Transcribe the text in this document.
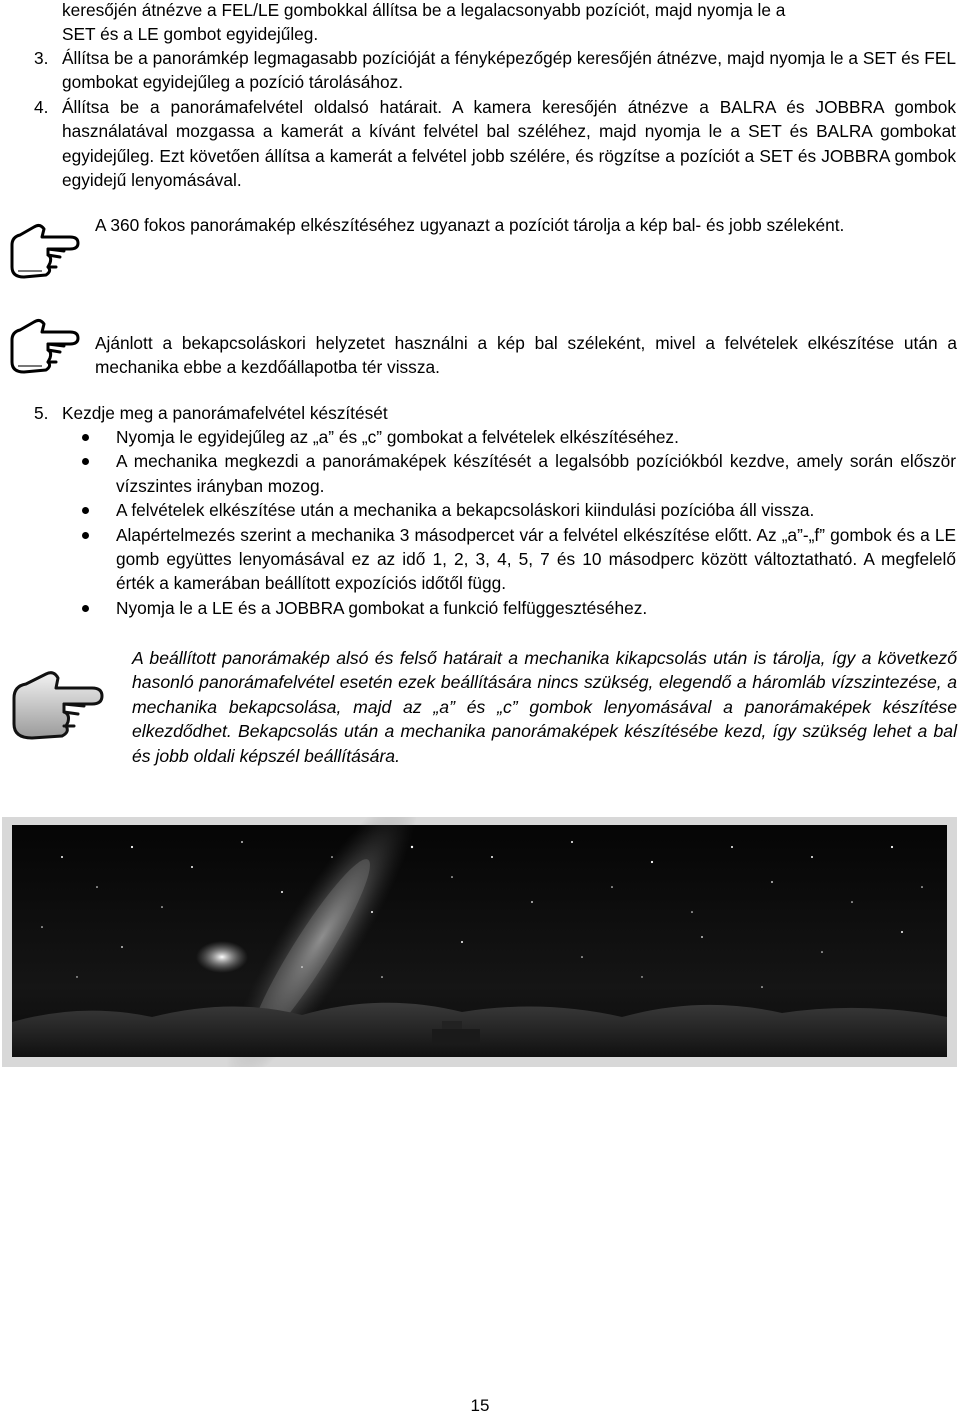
keresőjén átnézve a FEL/LE gombokkal állítsa be a legalacsonyabb pozíciót, majd nyomja le a
SET és a LE gombot egyidejűleg.
3. Állítsa be a panorámkép legmagasabb pozícióját a fényképezőgép keresőjén átnézve, majd nyomja le a SET és FEL gombokat egyidejűleg a pozíció tárolásához.
4. Állítsa be a panorámafelvétel oldalsó határait. A kamera keresőjén átnézve a BALRA és JOBBRA gombok használatával mozgassa a kamerát a kívánt felvétel bal széléhez, majd nyomja le a SET és BALRA gombokat egyidejűleg. Ezt követően állítsa a kamerát a felvétel jobb szélére, és rögzítse a pozíciót a SET és JOBBRA gombok egyidejű lenyomásával.
A 360 fokos panorámakép elkészítéséhez ugyanazt a pozíciót tárolja a kép bal- és jobb széleként.
Ajánlott a bekapcsoláskori helyzetet használni a kép bal széleként, mivel a felvételek elkészítése után a mechanika ebbe a kezdőállapotba tér vissza.
5. Kezdje meg a panorámafelvétel készítését
Nyomja le egyidejűleg az „a” és „c” gombokat a felvételek elkészítéséhez.
A mechanika megkezdi a panorámaképek készítését a legalsóbb pozíciókból kezdve, amely során először vízszintes irányban mozog.
A felvételek elkészítése után a mechanika a bekapcsoláskori kiindulási pozícióba áll vissza.
Alapértelmezés szerint a mechanika 3 másodpercet vár a felvétel elkészítése előtt. Az „a”-„f” gombok és a LE gomb együttes lenyomásával ez az idő 1, 2, 3, 4, 5, 7 és 10 másodperc között változtatható. A megfelelő érték a kamerában beállított expozíciós időtől függ.
Nyomja le a LE és a JOBBRA gombokat a funkció felfüggesztéséhez.
A beállított panorámakép alsó és felső határait a mechanika kikapcsolás után is tárolja, így a következő hasonló panorámafelvétel esetén ezek beállítására nincs szükség, elegendő a háromláb vízszintezése, a mechanika bekapcsolása, majd az „a” és „c” gombok lenyomásával a panorámaképek készítése elkezdődhet. Bekapcsolás után a mechanika panorámaképek készítésébe kezd, így szükség lehet a bal és jobb oldali képszél beállítására.
15
